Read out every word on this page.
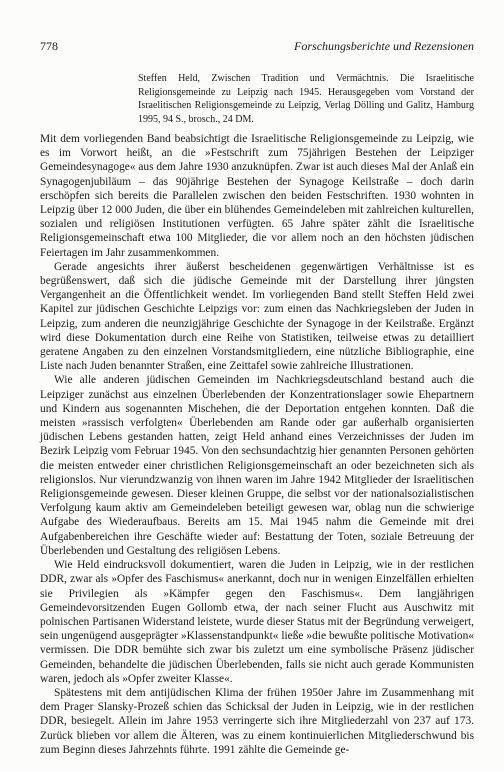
778	Forschungsberichte und Rezensionen
Steffen Held, Zwischen Tradition und Vermächtnis. Die Israelitische Religionsgemeinde zu Leipzig nach 1945. Herausgegeben vom Vorstand der Israelitischen Religionsgemeinde zu Leipzig, Verlag Dölling und Galitz, Hamburg 1995, 94 S., brosch., 24 DM.

Mit dem vorliegenden Band beabsichtigt die Israelitische Religionsgemeinde zu Leipzig, wie es im Vorwort heißt, an die »Festschrift zum 75jährigen Bestehen der Leipziger Gemeindesynagoge« aus dem Jahre 1930 anzuknüpfen. Zwar ist auch dieses Mal der Anlaß ein Synagogenjubiläum – das 90jährige Bestehen der Synagoge Keilstraße – doch darin erschöpfen sich bereits die Parallelen zwischen den beiden Festschriften. 1930 wohnten in Leipzig über 12 000 Juden, die über ein blühendes Gemeindeleben mit zahlreichen kulturellen, sozialen und religiösen Institutionen verfügten. 65 Jahre später zählt die Israelitische Religionsgemeinschaft etwa 100 Mitglieder, die vor allem noch an den höchsten jüdischen Feiertagen im Jahr zusammenkommen.

Gerade angesichts ihrer äußerst bescheidenen gegenwärtigen Verhältnisse ist es begrüßenswert, daß sich die jüdische Gemeinde mit der Darstellung ihrer jüngsten Vergangenheit an die Öffentlichkeit wendet. Im vorliegenden Band stellt Steffen Held zwei Kapitel zur jüdischen Geschichte Leipzigs vor: zum einen das Nachkriegsleben der Juden in Leipzig, zum anderen die neunzigjährige Geschichte der Synagoge in der Keilstraße. Ergänzt wird diese Dokumentation durch eine Reihe von Statistiken, teilweise etwas zu detailliert geratene Angaben zu den einzelnen Vorstandsmitgliedern, eine nützliche Bibliographie, eine Liste nach Juden benannter Straßen, eine Zeittafel sowie zahlreiche Illustrationen.

Wie alle anderen jüdischen Gemeinden im Nachkriegsdeutschland bestand auch die Leipziger zunächst aus einzelnen Überlebenden der Konzentrationslager sowie Ehepartnern und Kindern aus sogenannten Mischehen, die der Deportation entgehen konnten. Daß die meisten »rassisch verfolgten« Überlebenden am Rande oder gar außerhalb organisierten jüdischen Lebens gestanden hatten, zeigt Held anhand eines Verzeichnisses der Juden im Bezirk Leipzig vom Februar 1945. Von den sechsundachtzig hier genannten Personen gehörten die meisten entweder einer christlichen Religionsgemeinschaft an oder bezeichneten sich als religionslos. Nur vierundzwanzig von ihnen waren im Jahre 1942 Mitglieder der Israelitischen Religionsgemeinde gewesen. Dieser kleinen Gruppe, die selbst vor der nationalsozialistischen Verfolgung kaum aktiv am Gemeindeleben beteiligt gewesen war, oblag nun die schwierige Aufgabe des Wiederaufbaus. Bereits am 15. Mai 1945 nahm die Gemeinde mit drei Aufgabenbereichen ihre Geschäfte wieder auf: Bestattung der Toten, soziale Betreuung der Überlebenden und Gestaltung des religiösen Lebens.

Wie Held eindrucksvoll dokumentiert, waren die Juden in Leipzig, wie in der restlichen DDR, zwar als »Opfer des Faschismus« anerkannt, doch nur in wenigen Einzelfällen erhielten sie Privilegien als »Kämpfer gegen den Faschismus«. Dem langjährigen Gemeindevorsitzenden Eugen Gollomb etwa, der nach seiner Flucht aus Auschwitz mit polnischen Partisanen Widerstand leistete, wurde dieser Status mit der Begründung verweigert, sein ungenügend ausgeprägter »Klassenstandpunkt« ließe »die bewußte politische Motivation« vermissen. Die DDR bemühte sich zwar bis zuletzt um eine symbolische Präsenz jüdischer Gemeinden, behandelte die jüdischen Überlebenden, falls sie nicht auch gerade Kommunisten waren, jedoch als »Opfer zweiter Klasse«.

Spätestens mit dem antijüdischen Klima der frühen 1950er Jahre im Zusammenhang mit dem Prager Slansky-Prozeß schien das Schicksal der Juden in Leipzig, wie in der restlichen DDR, besiegelt. Allein im Jahre 1953 verringerte sich ihre Mitgliederzahl von 237 auf 173. Zurück blieben vor allem die Älteren, was zu einem kontinuierlichen Mitgliederschwund bis zum Beginn dieses Jahrzehnts führte. 1991 zählte die Gemeinde ge-
